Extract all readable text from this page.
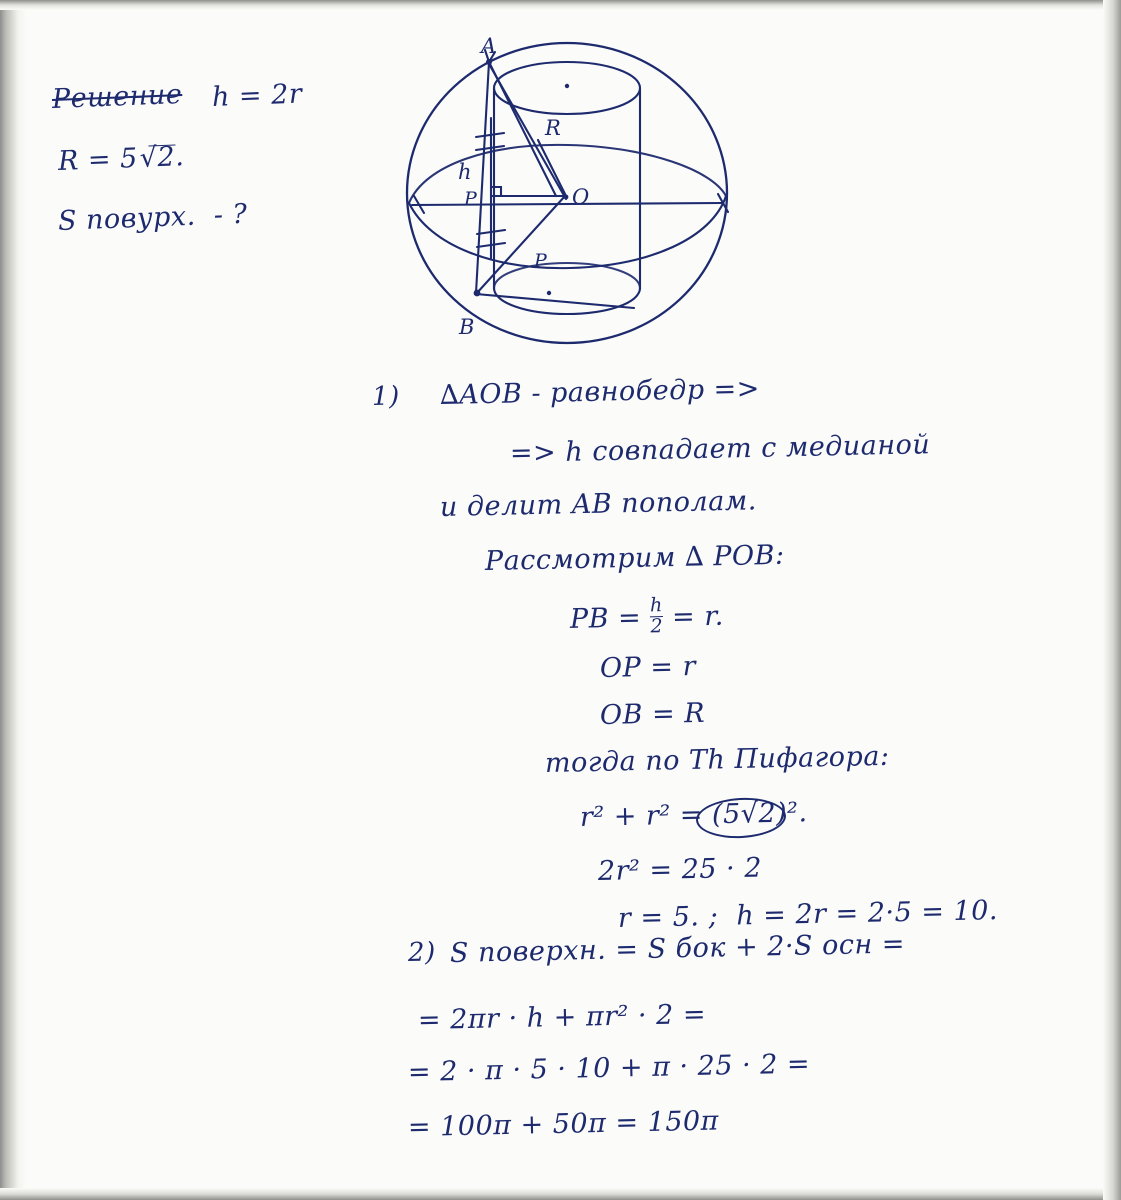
Решение h = 2r
R = 5√
2.
S повурх.  - ?
A
B
O
P
P
R
h
1) ∆AOB - равнобедр =>
=> h совпадает с медианой
и делит AB пополам.
Рассмотрим ∆ POB:
PB = $\frac{h}{2} = r$.
OP = r
OB = R
тогда по Th Пифагора:
r² + r² = (5√2)².
2r² = 25 · 2
r = 5. ;  h = 2r = 2·5 = 10.
2) S поверхн. = S бок + 2·S осн =
= 2πr · h + πr² · 2 =
= 2 · π · 5 · 10 + π · 25 · 2 =
= 100π + 50π = 150π
